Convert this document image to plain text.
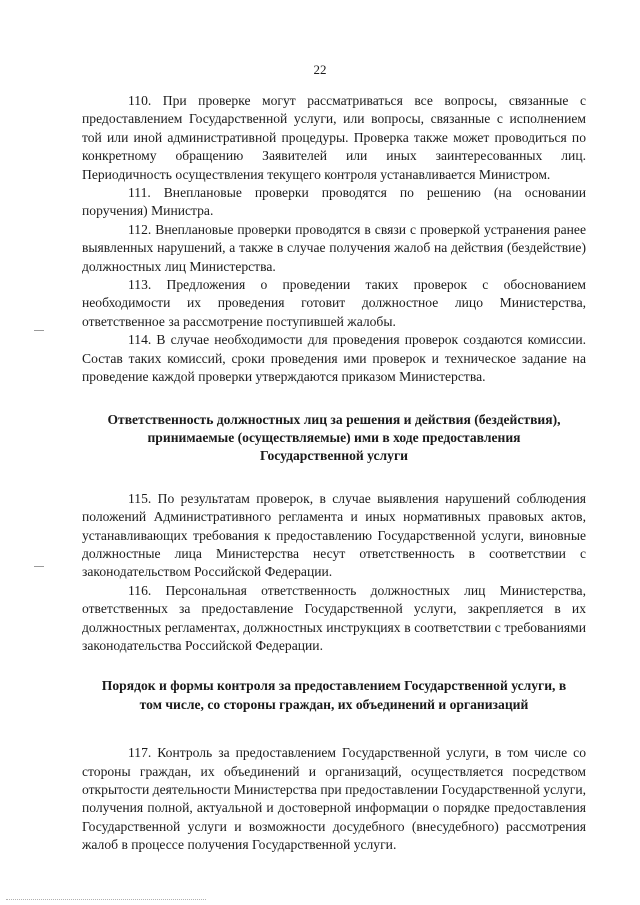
22

110. При проверке могут рассматриваться все вопросы, связанные с предоставлением Государственной услуги, или вопросы, связанные с исполнением той или иной административной процедуры. Проверка также может проводиться по конкретному обращению Заявителей или иных заинтересованных лиц. Периодичность осуществления текущего контроля устанавливается Министром.

111. Внеплановые проверки проводятся по решению (на основании поручения) Министра.

112. Внеплановые проверки проводятся в связи с проверкой устранения ранее выявленных нарушений, а также в случае получения жалоб на действия (бездействие) должностных лиц Министерства.

113. Предложения о проведении таких проверок с обоснованием необходимости их проведения готовит должностное лицо Министерства, ответственное за рассмотрение поступившей жалобы.

114. В случае необходимости для проведения проверок создаются комиссии. Состав таких комиссий, сроки проведения ими проверок и техническое задание на проведение каждой проверки утверждаются приказом Министерства.

Ответственность должностных лиц за решения и действия (бездействия),
принимаемые (осуществляемые) ими в ходе предоставления
Государственной услуги

115. По результатам проверок, в случае выявления нарушений соблюдения положений Административного регламента и иных нормативных правовых актов, устанавливающих требования к предоставлению Государственной услуги, виновные должностные лица Министерства несут ответственность в соответствии с законодательством Российской Федерации.

116. Персональная ответственность должностных лиц Министерства, ответственных за предоставление Государственной услуги, закрепляется в их должностных регламентах, должностных инструкциях в соответствии с требованиями законодательства Российской Федерации.

Порядок и формы контроля за предоставлением Государственной услуги, в
том числе, со стороны граждан, их объединений и организаций

117. Контроль за предоставлением Государственной услуги, в том числе со стороны граждан, их объединений и организаций, осуществляется посредством открытости деятельности Министерства при предоставлении Государственной услуги, получения полной, актуальной и достоверной информации о порядке предоставления Государственной услуги и возможности досудебного (внесудебного) рассмотрения жалоб в процессе получения Государственной услуги.
